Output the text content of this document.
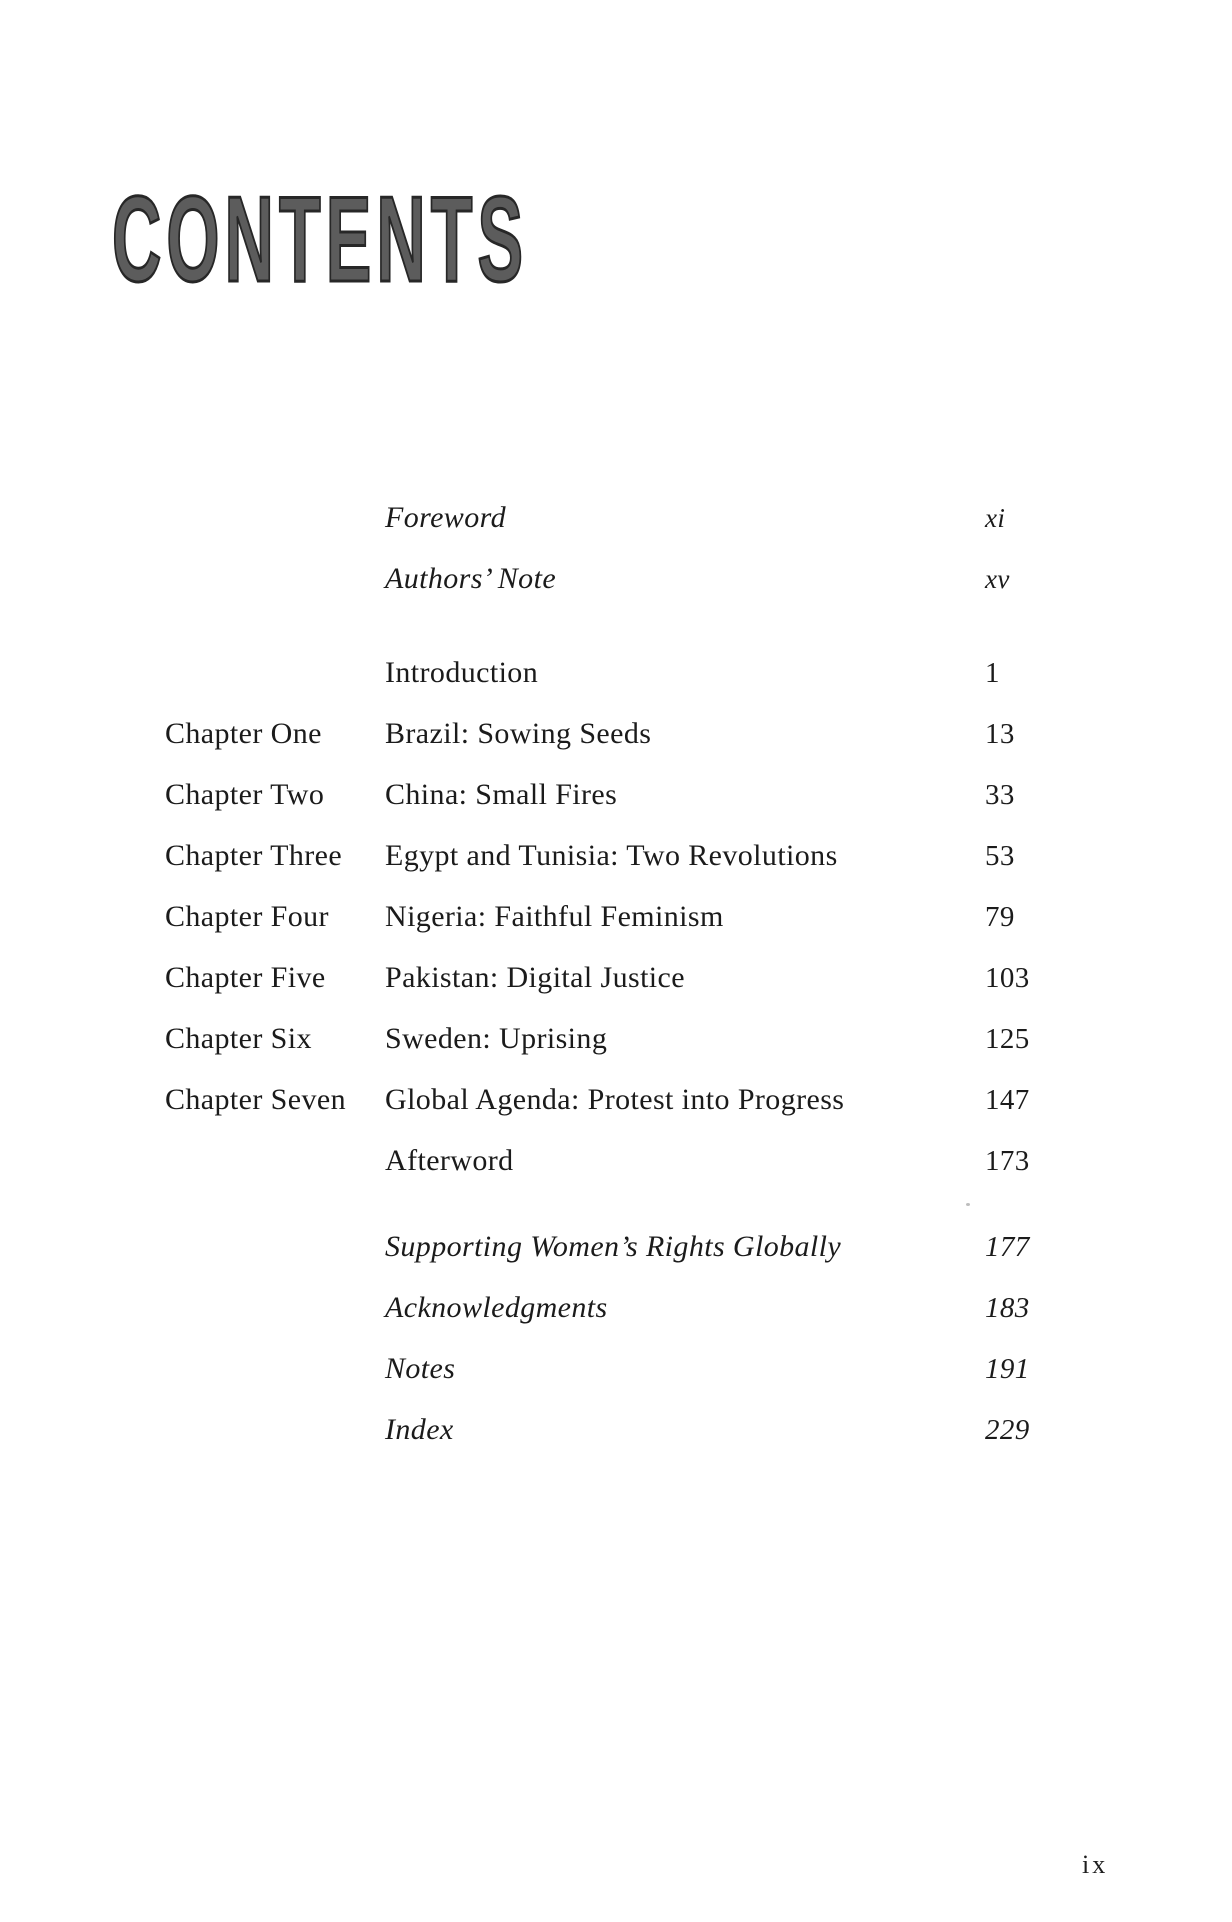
CONTENTS
Foreword	xi
Authors’ Note	xv
Introduction	1
Chapter One	Brazil: Sowing Seeds	13
Chapter Two	China: Small Fires	33
Chapter Three	Egypt and Tunisia: Two Revolutions	53
Chapter Four	Nigeria: Faithful Feminism	79
Chapter Five	Pakistan: Digital Justice	103
Chapter Six	Sweden: Uprising	125
Chapter Seven	Global Agenda: Protest into Progress	147
Afterword	173
Supporting Women’s Rights Globally	177
Acknowledgments	183
Notes	191
Index	229
ix
